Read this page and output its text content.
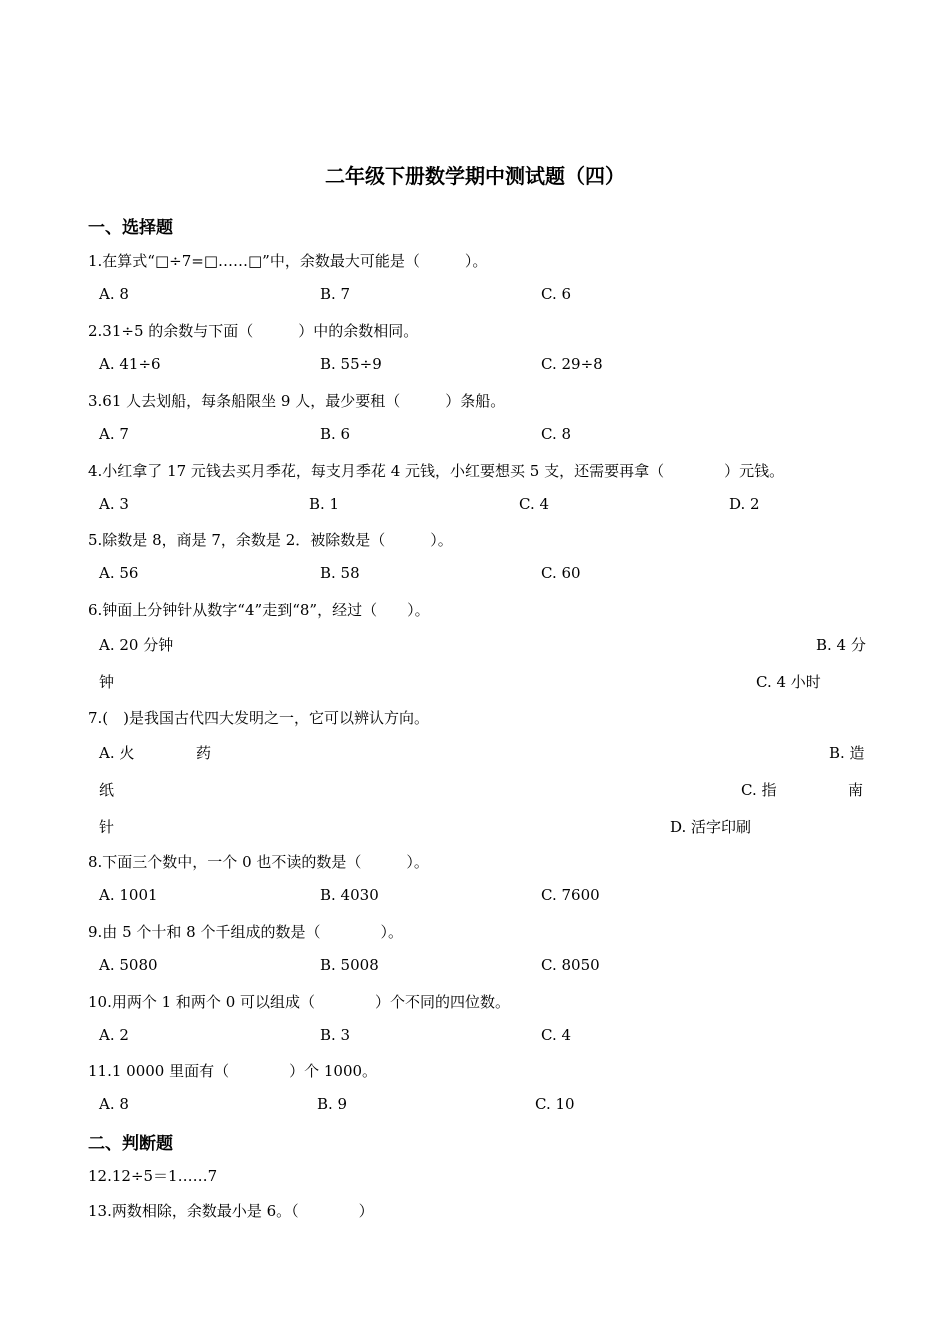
二年级下册数学期中测试题（四）
一、选择题
1.在算式“□÷7=□……□”中，余数最大可能是（　　　）。
A. 8	B. 7	C. 6
2.31÷5 的余数与下面（　　　）中的余数相同。
A. 41÷6	B. 55÷9	C. 29÷8
3.61 人去划船，每条船限坐 9 人，最少要租（　　　）条船。
A. 7	B. 6	C. 8
4.小红拿了 17 元钱去买月季花，每支月季花 4 元钱，小红要想买 5 支，还需要再拿（　　　　）元钱。
A. 3	B. 1	C. 4	D. 2
5.除数是 8，商是 7，余数是 2．被除数是（　　　）。
A. 56	B. 58	C. 60
6.钟面上分钟针从数字“4”走到“8”，经过（　　）。
A. 20 分钟	B. 4 分
钟	C. 4 小时
7.(　)是我国古代四大发明之一，它可以辨认方向。
A. 火	药	B. 造
纸	C. 指	南
针	D. 活字印刷
8.下面三个数中，一个 0 也不读的数是（　　　）。
A. 1001	B. 4030	C. 7600
9.由 5 个十和 8 个千组成的数是（　　　　）。
A. 5080	B. 5008	C. 8050
10.用两个 1 和两个 0 可以组成（　　　　）个不同的四位数。
A. 2	B. 3	C. 4
11.1 0000 里面有（　　　　）个 1000。
A. 8	B. 9	C. 10
二、判断题
12.12÷5＝1……7
13.两数相除，余数最小是 6。（　　　　）
